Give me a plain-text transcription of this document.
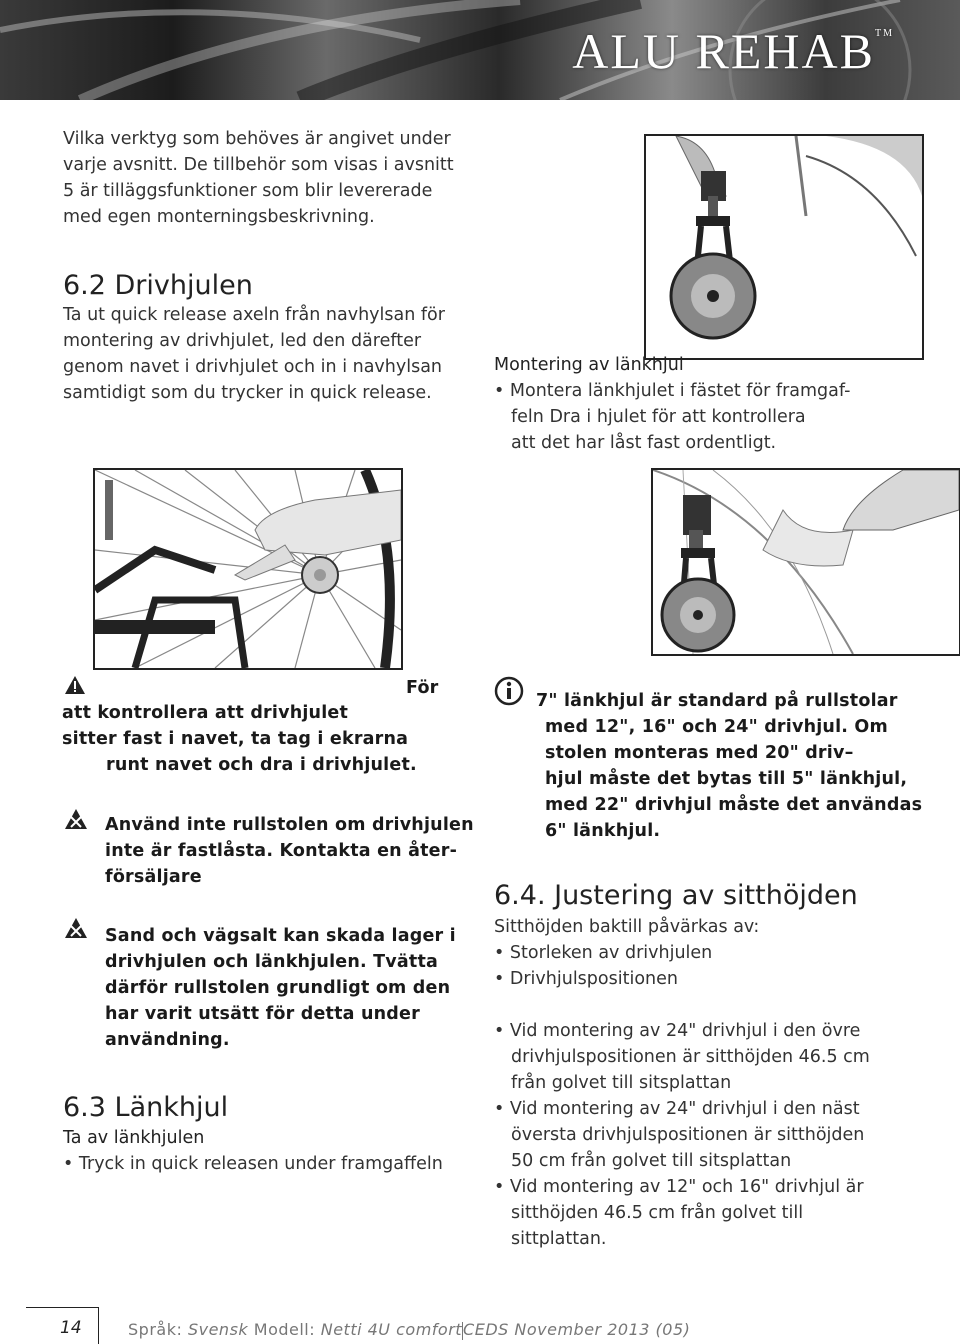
ALU REHAB™
Vilka verktyg som behöves är angivet under
varje avsnitt. De tillbehör som visas i avsnitt
5 är tilläggsfunktioner som blir levererade
med egen monterningsbeskrivning.
6.2 Drivhjulen
Ta ut quick release axeln från navhylsan för
montering av drivhjulet, led den därefter
genom navet i drivhjulet och in i navhylsan
samtidigt som du trycker in quick release.
Montering av länkhjul
• Montera länkhjulet i fästet för framgaf-
feln Dra i hjulet för att kontrollera
att det har låst fast ordentligt.
För
att kontrollera att drivhjulet
sitter fast i navet, ta tag i ekrarna
runt navet och dra i drivhjulet.
Använd inte rullstolen om drivhjulen
inte är fastlåsta. Kontakta en åter-
försäljare
Sand och vägsalt kan skada lager i
drivhjulen och länkhjulen. Tvätta
därför rullstolen grundligt om den
har varit utsätt för detta under
användning.
6.3 Länkhjul
Ta av länkhjulen
• Tryck in quick releasen under framgaffeln
7" länkhjul är standard på rullstolar
med 12", 16" och 24" drivhjul. Om
stolen monteras med 20" driv–
hjul måste det bytas till 5" länkhjul,
med 22" drivhjul måste det användas
6" länkhjul.
6.4. Justering av sitthöjden
Sitthöjden baktill påvärkas av:
• Storleken av drivhjulen
• Drivhjulspositionen
• Vid montering av 24" drivhjul i den övre
drivhjulspositionen är sitthöjden 46.5 cm
från golvet till sitsplattan
• Vid montering av 24" drivhjul i den näst
översta drivhjulspositionen är sitthöjden
50 cm från golvet till sitsplattan
• Vid montering av 12" och 16" drivhjul är
sitthöjden 46.5 cm från golvet till
sittplattan.
14	Språk: Svensk Modell: Netti 4U comfortCEDS November 2013 (05)
